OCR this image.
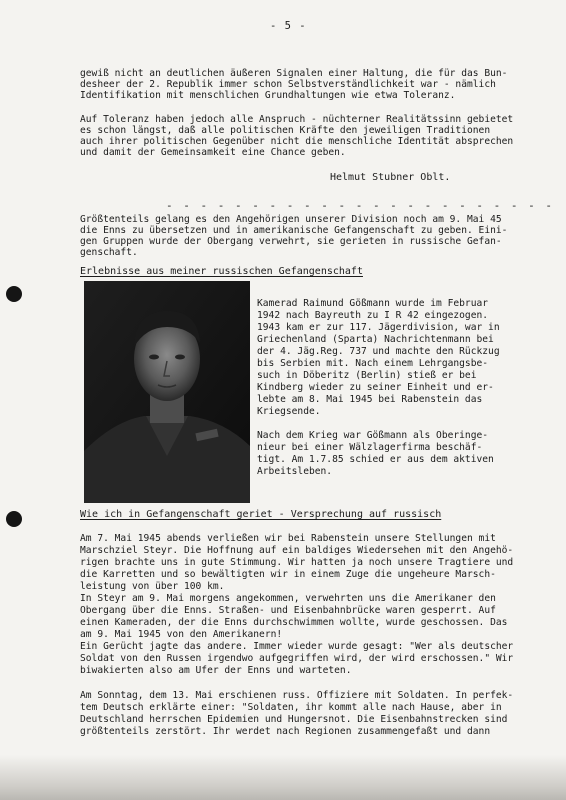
- 5 -
gewiß nicht an deutlichen äußeren Signalen einer Haltung, die für das Bun-
desheer der 2. Republik immer schon Selbstverständlichkeit war - nämlich
Identifikation mit menschlichen Grundhaltungen wie etwa Toleranz.
Auf Toleranz haben jedoch alle Anspruch - nüchterner Realitätssinn gebietet
es schon längst, daß alle politischen Kräfte den jeweiligen Traditionen
auch ihrer politischen Gegenüber nicht die menschliche Identität absprechen
und damit der Gemeinsamkeit eine Chance geben.
Helmut Stubner Oblt.
- - - - - - - - - - - - - - - - - - - - - - -
Größtenteils gelang es den Angehörigen unserer Division noch am 9. Mai 45
die Enns zu übersetzen und in amerikanische Gefangenschaft zu geben. Eini-
gen Gruppen wurde der Obergang verwehrt, sie gerieten in russische Gefan-
genschaft.
Erlebnisse aus meiner russischen Gefangenschaft
Kamerad Raimund Gößmann wurde im Februar
1942 nach Bayreuth zu I R 42 eingezogen.
1943 kam er zur 117. Jägerdivision, war in
Griechenland (Sparta) Nachrichtenmann bei
der 4. Jäg.Reg. 737 und machte den Rückzug
bis Serbien mit. Nach einem Lehrgangsbe-
such in Döberitz (Berlin) stieß er bei
Kindberg wieder zu seiner Einheit und er-
lebte am 8. Mai 1945 bei Rabenstein das
Kriegsende.
Nach dem Krieg war Gößmann als Oberinge-
nieur bei einer Wälzlagerfirma beschäf-
tigt. Am 1.7.85 schied er aus dem aktiven
Arbeitsleben.
Wie ich in Gefangenschaft geriet - Versprechung auf russisch
Am 7. Mai 1945 abends verließen wir bei Rabenstein unsere Stellungen mit
Marschziel Steyr. Die Hoffnung auf ein baldiges Wiedersehen mit den Angehö-
rigen brachte uns in gute Stimmung. Wir hatten ja noch unsere Tragtiere und
die Karretten und so bewältigten wir in einem Zuge die ungeheure Marsch-
leistung von über 100 km.
In Steyr am 9. Mai morgens angekommen, verwehrten uns die Amerikaner den
Obergang über die Enns. Straßen- und Eisenbahnbrücke waren gesperrt. Auf
einen Kameraden, der die Enns durchschwimmen wollte, wurde geschossen. Das
am 9. Mai 1945 von den Amerikanern!
Ein Gerücht jagte das andere. Immer wieder wurde gesagt: "Wer als deutscher
Soldat von den Russen irgendwo aufgegriffen wird, der wird erschossen." Wir
biwakierten also am Ufer der Enns und warteten.
Am Sonntag, dem 13. Mai erschienen russ. Offiziere mit Soldaten. In perfek-
tem Deutsch erklärte einer: "Soldaten, ihr kommt alle nach Hause, aber in
Deutschland herrschen Epidemien und Hungersnot. Die Eisenbahnstrecken sind
größtenteils zerstört. Ihr werdet nach Regionen zusammengefaßt und dann
